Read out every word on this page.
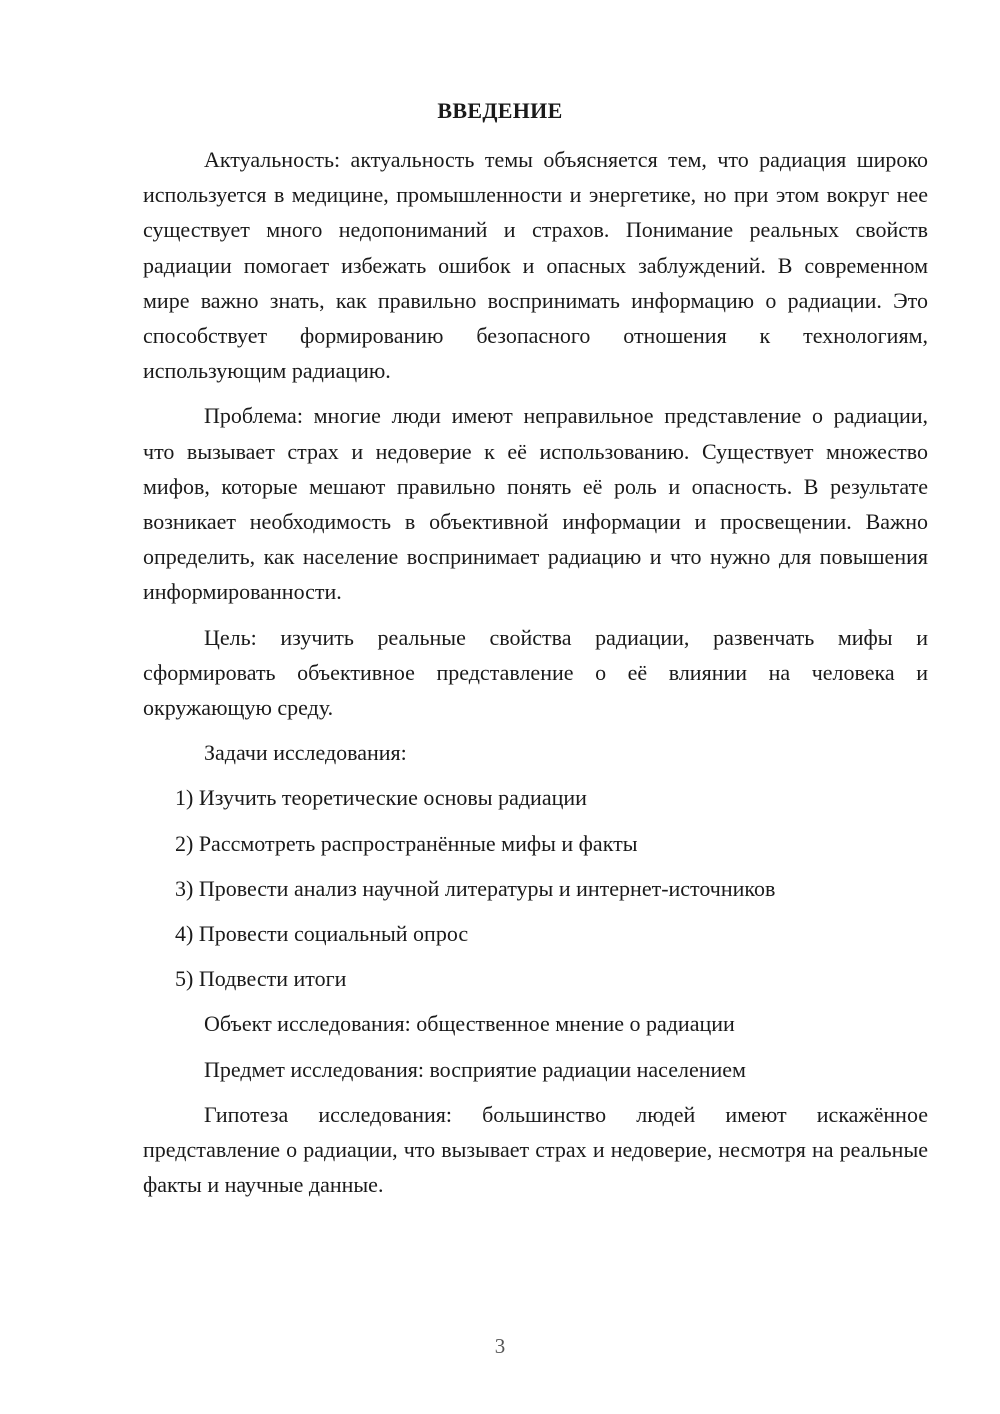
ВВЕДЕНИЕ

Актуальность: актуальность темы объясняется тем, что радиация широко используется в медицине, промышленности и энергетике, но при этом вокруг нее существует много недопониманий и страхов. Понимание реальных свойств радиации помогает избежать ошибок и опасных заблуждений. В современном мире важно знать, как правильно воспринимать информацию о радиации. Это способствует формированию безопасного отношения к технологиям, использующим радиацию.

Проблема: многие люди имеют неправильное представление о радиации, что вызывает страх и недоверие к её использованию. Существует множество мифов, которые мешают правильно понять её роль и опасность. В результате возникает необходимость в объективной информации и просвещении. Важно определить, как население воспринимает радиацию и что нужно для повышения информированности.

Цель: изучить реальные свойства радиации, развенчать мифы и сформировать объективное представление о её влиянии на человека и окружающую среду.

Задачи исследования:

1) Изучить теоретические основы радиации
2) Рассмотреть распространённые мифы и факты
3) Провести анализ научной литературы и интернет-источников
4) Провести социальный опрос
5) Подвести итоги

Объект исследования: общественное мнение о радиации

Предмет исследования: восприятие радиации населением

Гипотеза исследования: большинство людей имеют искажённое представление о радиации, что вызывает страх и недоверие, несмотря на реальные факты и научные данные.

3
